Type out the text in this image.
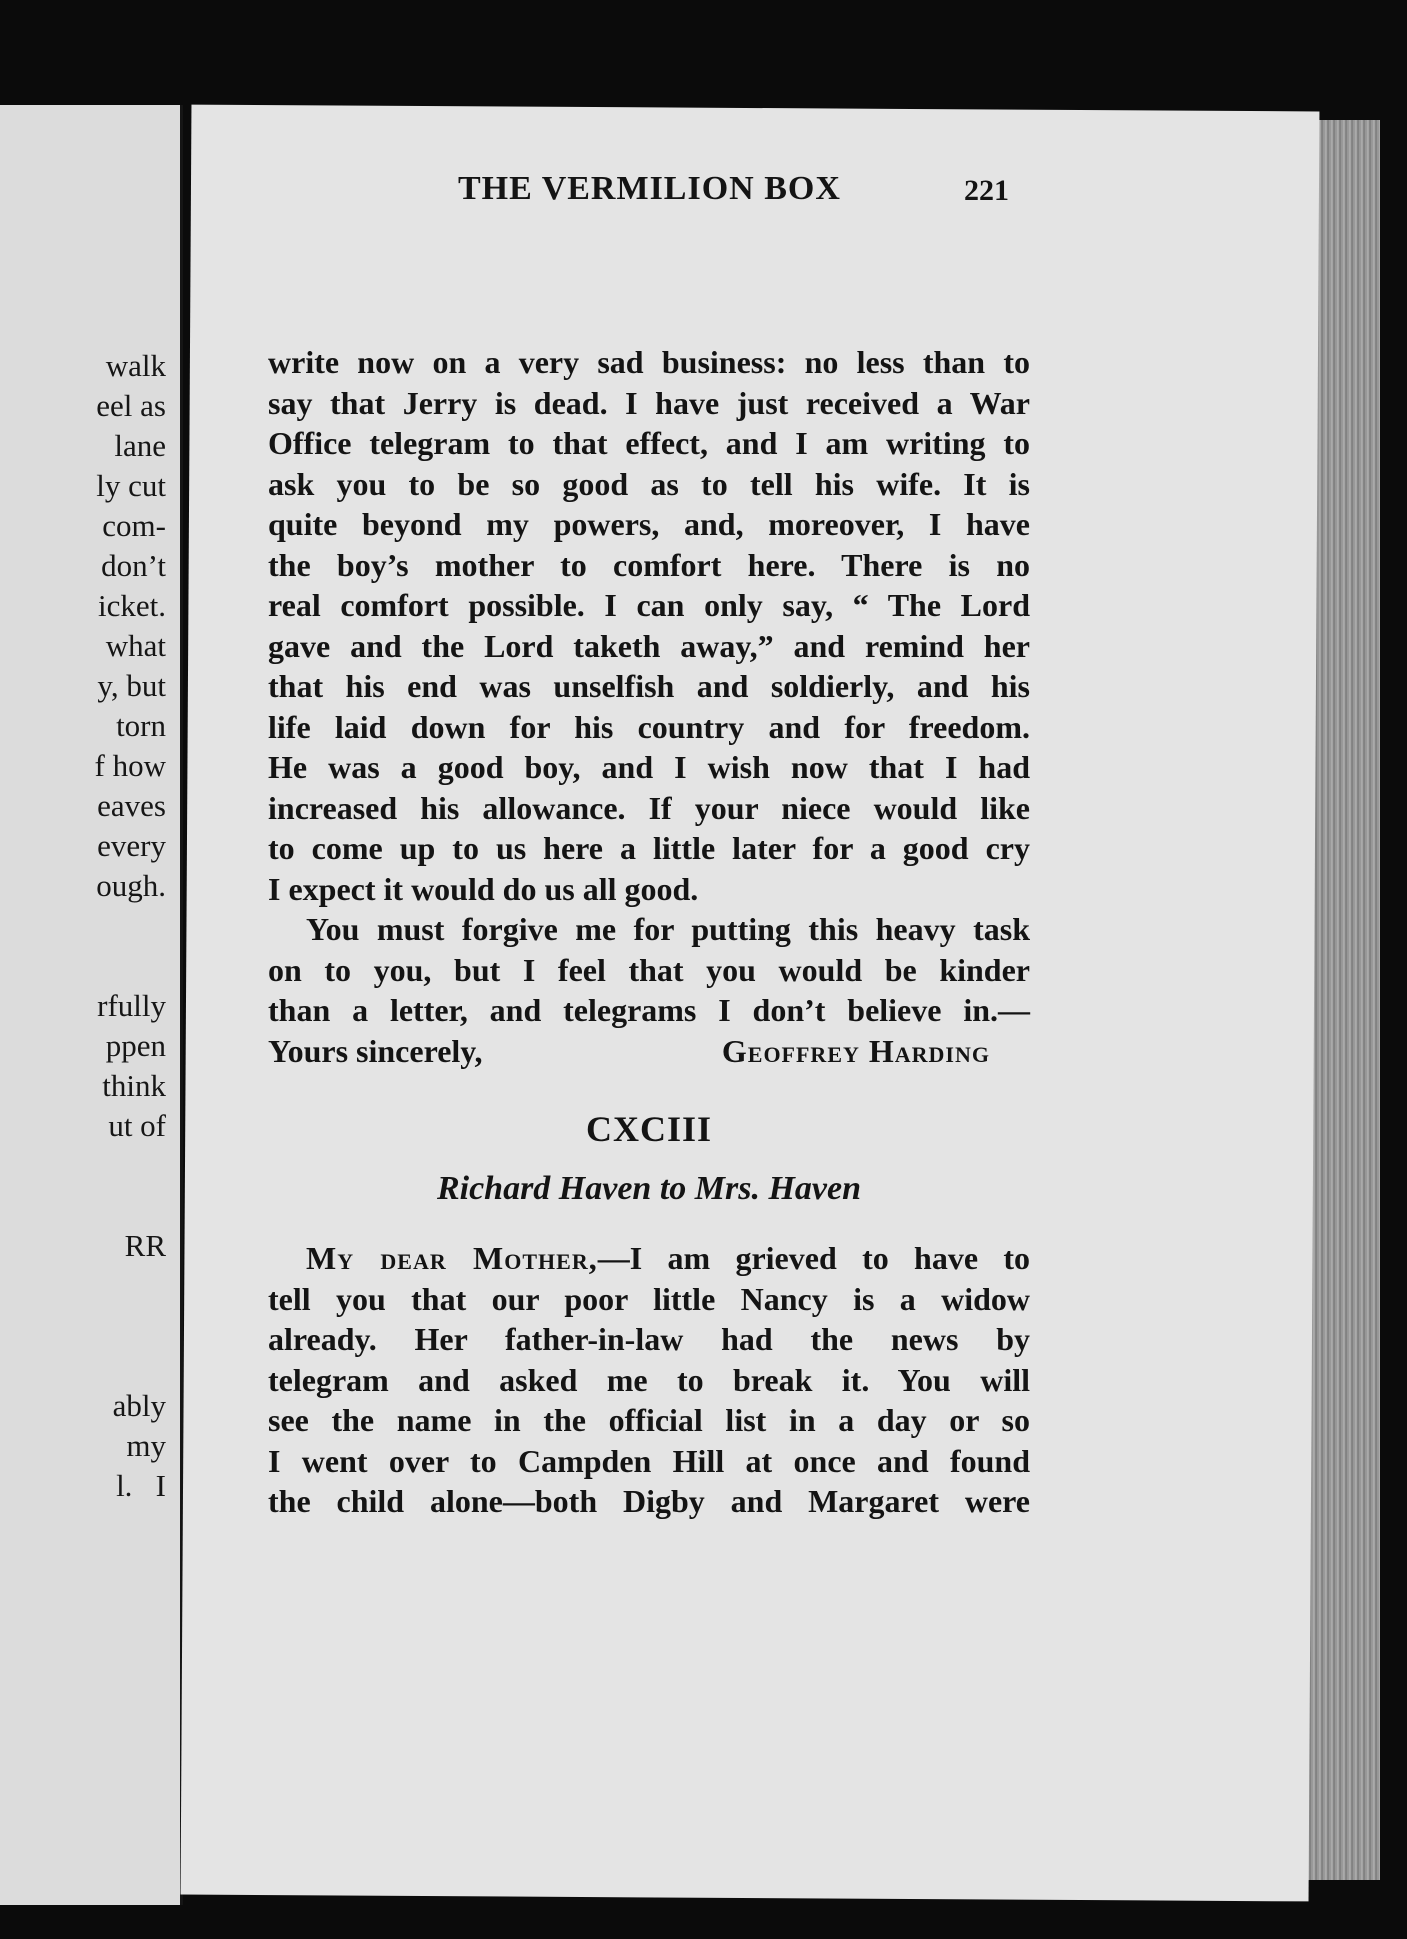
walk
eel as
lane
ly cut
com-
don’t
icket.
what
y, but
torn
f how
eaves
every
ough.
rfully
ppen
think
ut of
RR
ably
my
l.   I
THE VERMILION BOX	221
write now on a very sad business: no less than to
say that Jerry is dead. I have just received a War
Office telegram to that effect, and I am writing to
ask you to be so good as to tell his wife. It is
quite beyond my powers, and, moreover, I have
the boy’s mother to comfort here. There is no
real comfort possible. I can only say, “ The Lord
gave and the Lord taketh away,” and remind her
that his end was unselfish and soldierly, and his
life laid down for his country and for freedom.
He was a good boy, and I wish now that I had
increased his allowance. If your niece would like
to come up to us here a little later for a good cry
I expect it would do us all good.
You must forgive me for putting this heavy task
on to you, but I feel that you would be kinder
than a letter, and telegrams I don’t believe in.—
Yours sincerely,	Geoffrey Harding
CXCIII
Richard Haven to Mrs. Haven
My dear Mother,—I am grieved to have to
tell you that our poor little Nancy is a widow
already. Her father-in-law had the news by
telegram and asked me to break it. You will
see the name in the official list in a day or so
I went over to Campden Hill at once and found
the child alone—both Digby and Margaret were
